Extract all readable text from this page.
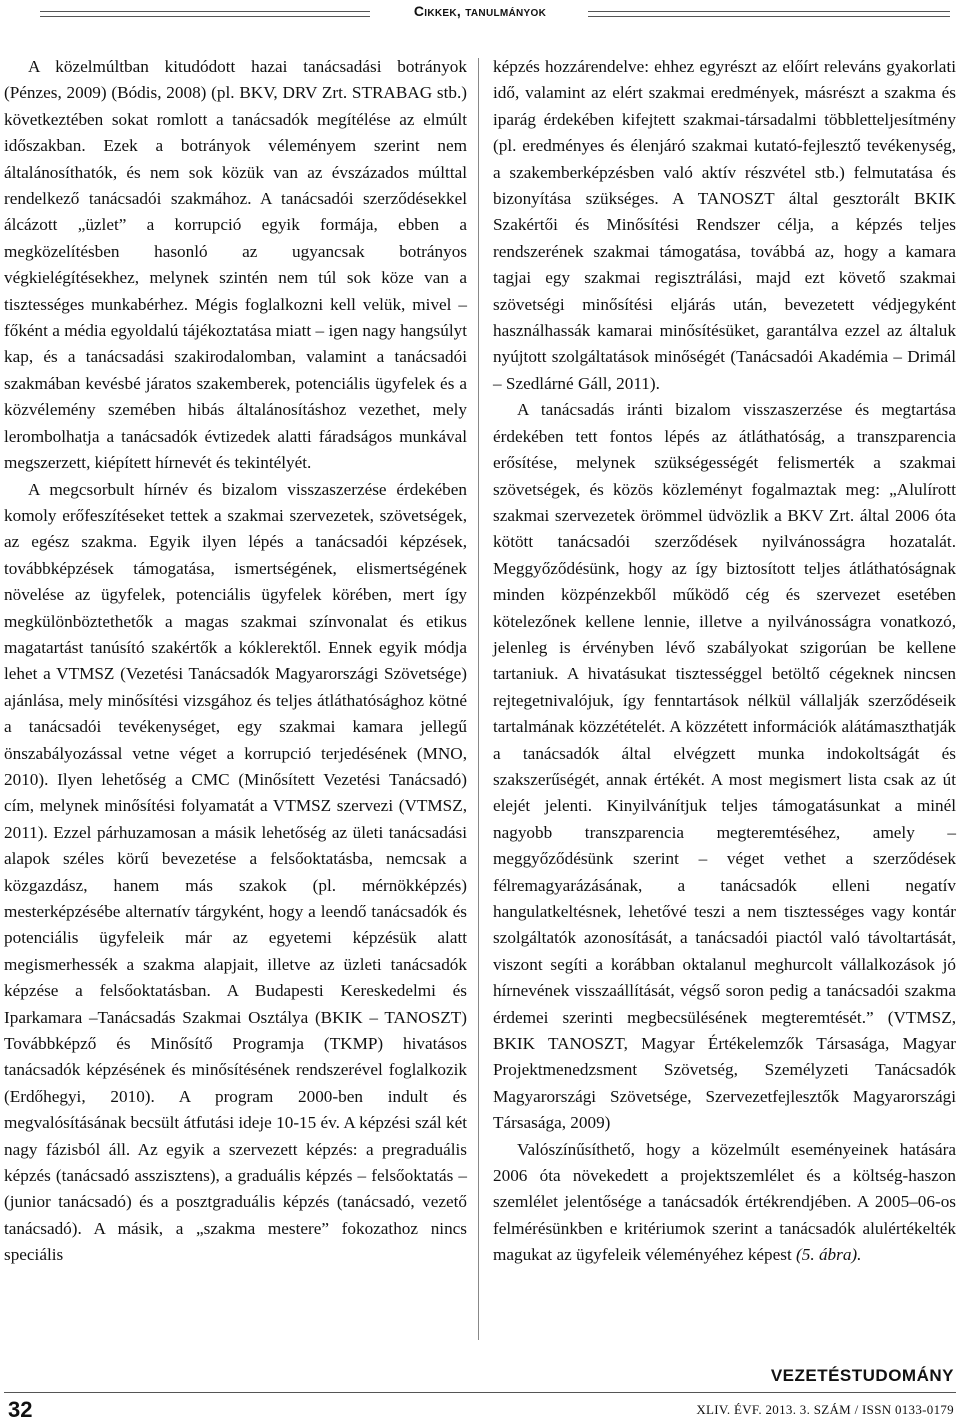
Cikkek, tanulmányok

A közelmúltban kitudódott hazai tanácsadási botrányok (Pénzes, 2009) (Bódis, 2008) (pl. BKV, DRV Zrt. STRABAG stb.) következtében sokat romlott a tanácsadók megítélése az elmúlt időszakban. Ezek a botrányok véleményem szerint nem általánosíthatók, és nem sok közük van az évszázados múlttal rendelkező tanácsadói szakmához. A tanácsadói szerződésekkel álcázott „üzlet” a korrupció egyik formája, ebben a megközelítésben hasonló az ugyancsak botrányos végkielégítésekhez, melynek szintén nem túl sok köze van a tisztességes munkabérhez. Mégis foglalkozni kell velük, mivel – főként a média egyoldalú tájékoztatása miatt – igen nagy hangsúlyt kap, és a tanácsadási szakirodalomban, valamint a tanácsadói szakmában kevésbé járatos szakemberek, potenciális ügyfelek és a közvélemény szemében hibás általánosításhoz vezethet, mely lerombolhatja a tanácsadók évtizedek alatti fáradságos munkával megszerzett, kiépített hírnevét és tekintélyét.

A megcsorbult hírnév és bizalom visszaszerzése érdekében komoly erőfeszítéseket tettek a szakmai szervezetek, szövetségek, az egész szakma. Egyik ilyen lépés a tanácsadói képzések, továbbképzések támogatása, ismertségének, elismertségének növelése az ügyfelek, potenciális ügyfelek körében, mert így megkülönböztethetők a magas szakmai színvonalat és etikus magatartást tanúsító szakértők a kóklerektől. Ennek egyik módja lehet a VTMSZ (Vezetési Tanácsadók Magyarországi Szövetsége) ajánlása, mely minősítési vizsgához és teljes átláthatósághoz kötné a tanácsadói tevékenységet, egy szakmai kamara jellegű önszabályozással vetne véget a korrupció terjedésének (MNO, 2010). Ilyen lehetőség a CMC (Minősített Vezetési Tanácsadó) cím, melynek minősítési folyamatát a VTMSZ szervezi (VTMSZ, 2011). Ezzel párhuzamosan a másik lehetőség az ületi tanácsadási alapok széles körű bevezetése a felsőoktatásba, nemcsak a közgazdász, hanem más szakok (pl. mérnökképzés) mesterképzésébe alternatív tárgyként, hogy a leendő tanácsadók és potenciális ügyfeleik már az egyetemi képzésük alatt megismerhessék a szakma alapjait, illetve az üzleti tanácsadók képzése a felsőoktatásban. A Budapesti Kereskedelmi és Iparkamara –Tanácsadás Szakmai Osztálya (BKIK – TANOSZT) Továbbképző és Minősítő Programja (TKMP) hivatásos tanácsadók képzésének és minősítésének rendszerével foglalkozik (Erdőhegyi, 2010). A program 2000-ben indult és megvalósításának becsült átfutási ideje 10-15 év. A képzési szál két nagy fázisból áll. Az egyik a szervezett képzés: a pregraduális képzés (tanácsadó asszisztens), a graduális képzés – felsőoktatás – (junior tanácsadó) és a posztgraduális képzés (tanácsadó, vezető tanácsadó). A másik, a „szakma mestere” fokozathoz nincs speciális

képzés hozzárendelve: ehhez egyrészt az előírt releváns gyakorlati idő, valamint az elért szakmai eredmények, másrészt a szakma és iparág érdekében kifejtett szakmai-társadalmi többletteljesítmény (pl. eredményes és élenjáró szakmai kutató-fejlesztő tevékenység, a szakemberképzésben való aktív részvétel stb.) felmutatása és bizonyítása szükséges. A TANOSZT által gesztorált BKIK Szakértői és Minősítési Rendszer célja, a képzés teljes rendszerének szakmai támogatása, továbbá az, hogy a kamara tagjai egy szakmai regisztrálási, majd ezt követő szakmai szövetségi minősítési eljárás után, bevezetett védjegyként használhassák kamarai minősítésüket, garantálva ezzel az általuk nyújtott szolgáltatások minőségét (Tanácsadói Akadémia – Drimál – Szedlárné Gáll, 2011).

A tanácsadás iránti bizalom visszaszerzése és megtartása érdekében tett fontos lépés az átláthatóság, a transzparencia erősítése, melynek szükségességét felismerték a szakmai szövetségek, és közös közleményt fogalmaztak meg: „Alulírott szakmai szervezetek örömmel üdvözlik a BKV Zrt. által 2006 óta kötött tanácsadói szerződések nyilvánosságra hozatalát. Meggyőződésünk, hogy az így biztosított teljes átláthatóságnak minden közpénzekből működő cég és szervezet esetében kötelezőnek kellene lennie, illetve a nyilvánosságra vonatkozó, jelenleg is érvényben lévő szabályokat szigorúan be kellene tartaniuk. A hivatásukat tisztességgel betöltő cégeknek nincsen rejtegetnivalójuk, így fenntartások nélkül vállalják szerződéseik tartalmának közzétételét. A közzétett információk alátámaszthatják a tanácsadók által elvégzett munka indokoltságát és szakszerűségét, annak értékét. A most megismert lista csak az út elejét jelenti. Kinyilvánítjuk teljes támogatásunkat a minél nagyobb transzparencia megteremtéséhez, amely – meggyőződésünk szerint – véget vethet a szerződések félremagyarázásának, a tanácsadók elleni negatív hangulatkeltésnek, lehetővé teszi a nem tisztességes vagy kontár szolgáltatók azonosítását, a tanácsadói piactól való távoltartását, viszont segíti a korábban oktalanul meghurcolt vállalkozások jó hírnevének visszaállítását, végső soron pedig a tanácsadói szakma érdemei szerinti megbecsülésének megteremtését.” (VTMSZ, BKIK TANOSZT, Magyar Értékelemzők Társasága, Magyar Projektmenedzsment Szövetség, Személyzeti Tanácsadók Magyarországi Szövetsége, Szervezetfejlesztők Magyarországi Társasága, 2009)

Valószínűsíthető, hogy a közelmúlt eseményeinek hatására 2006 óta növekedett a projektszemlélet és a költség-haszon szemlélet jelentősége a tanácsadók értékrendjében. A 2005–06-os felmérésünkben e kritériumok szerint a tanácsadók alulértékelték magukat az ügyfeleik véleményéhez képest (5. ábra).

VEZETÉSTUDOMÁNY
32	XLIV. ÉVF. 2013. 3. SZÁM / ISSN 0133-0179
